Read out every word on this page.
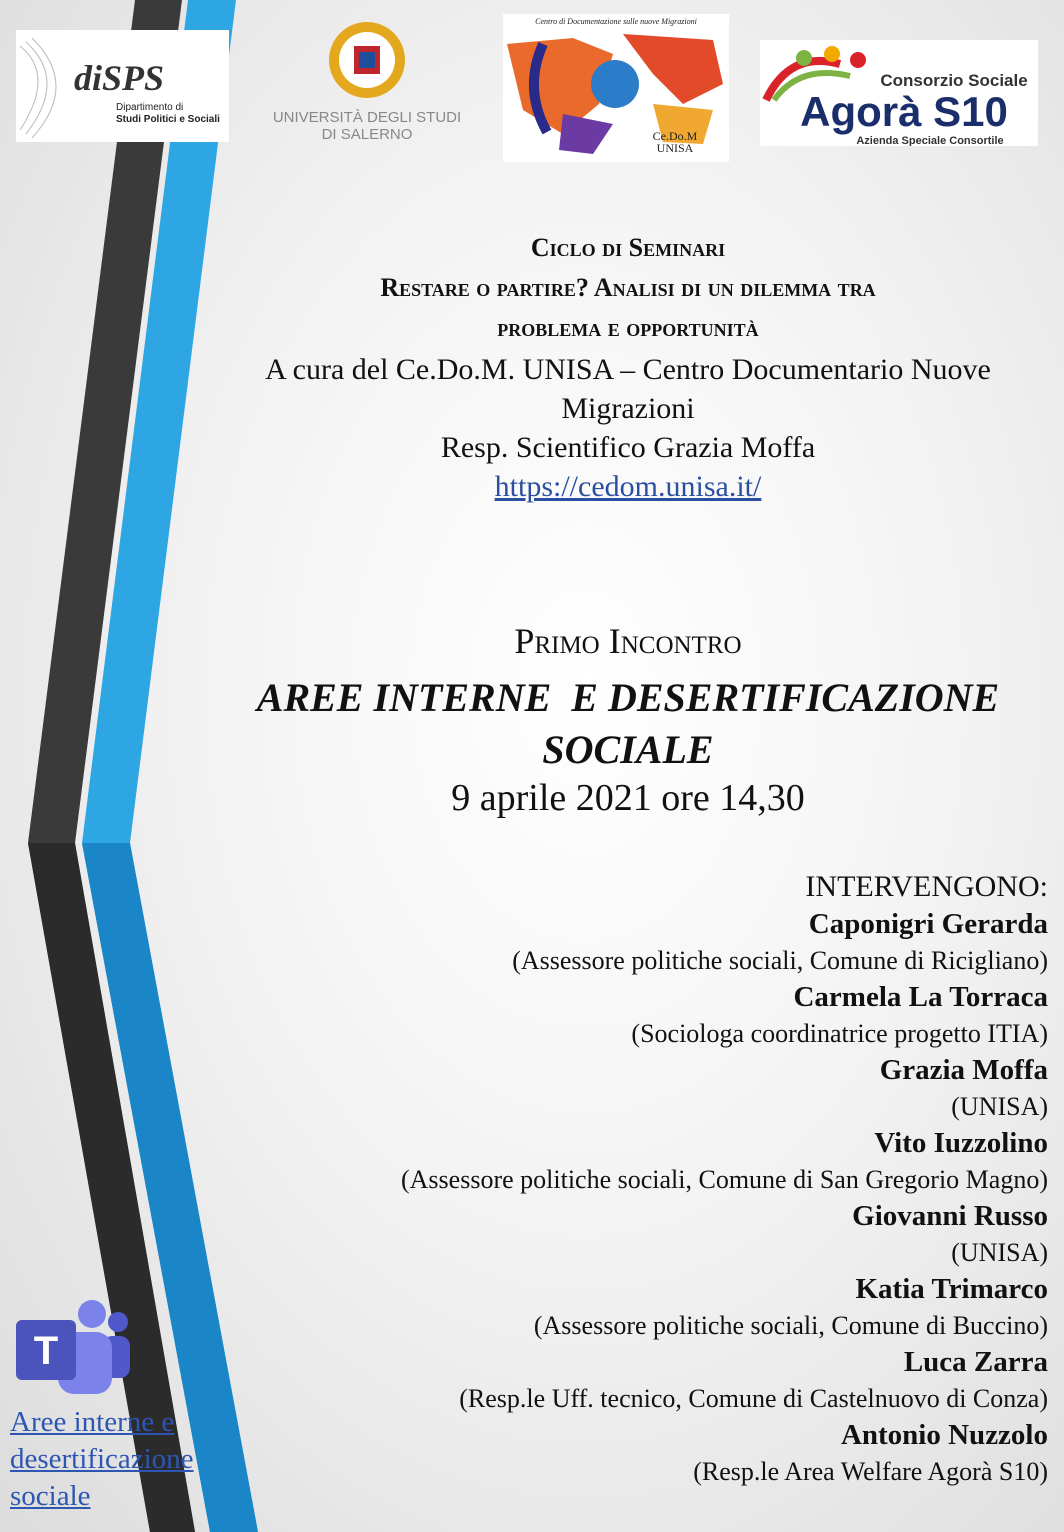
diSPS
Dipartimento di
Studi Politici e Sociali	UNIVERSITÀ DEGLI STUDI
DI SALERNO
Centro di Documentazione sulle nuove Migrazioni
Ce.Do.M
UNISA
Consorzio Sociale
Agorà S10
Azienda Speciale Consortile
Ciclo di Seminari
Restare o partire? Analisi di un dilemma tra
problema e opportunità
A cura del Ce.Do.M. UNISA – Centro Documentario Nuove
Migrazioni
Resp. Scientifico Grazia Moffa
https://cedom.unisa.it/
Primo Incontro
AREE INTERNE  E DESERTIFICAZIONE
SOCIALE
9 aprile 2021 ore 14,30
INTERVENGONO:
Caponigri Gerarda
(Assessore politiche sociali, Comune di Ricigliano)
Carmela La Torraca
(Sociologa coordinatrice progetto ITIA)
Grazia Moffa
(UNISA)
Vito Iuzzolino
(Assessore politiche sociali, Comune di San Gregorio Magno)
Giovanni Russo
(UNISA)
Katia Trimarco
(Assessore politiche sociali, Comune di Buccino)
Luca Zarra
(Resp.le Uff. tecnico, Comune di Castelnuovo di Conza)
Antonio Nuzzolo
(Resp.le Area Welfare Agorà S10)
T
Aree interne e
desertificazione
sociale
